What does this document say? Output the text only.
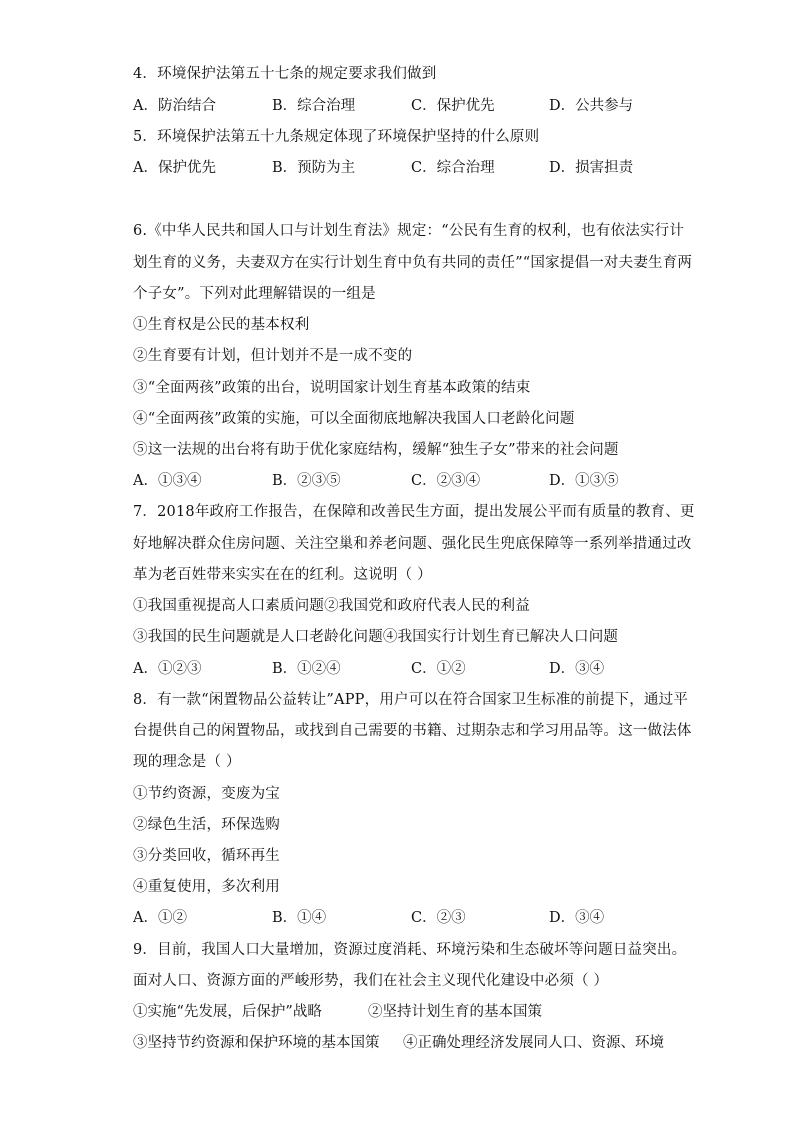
4．环境保护法第五十七条的规定要求我们做到
A．防治结合	B．综合治理	C．保护优先	D．公共参与
5．环境保护法第五十九条规定体现了环境保护坚持的什么原则
A．保护优先	B．预防为主	C．综合治理	D．损害担责
6.《中华人民共和国人口与计划生育法》规定：“公民有生育的权利，也有依法实行计
划生育的义务，夫妻双方在实行计划生育中负有共同的责任”“国家提倡一对夫妻生育两
个子女”。下列对此理解错误的一组是
①生育权是公民的基本权利
②生育要有计划，但计划并不是一成不变的
③“全面两孩”政策的出台，说明国家计划生育基本政策的结束
④“全面两孩”政策的实施，可以全面彻底地解决我国人口老龄化问题
⑤这一法规的出台将有助于优化家庭结构，缓解“独生子女”带来的社会问题
A．①③④	B．②③⑤	C．②③④	D．①③⑤
7．2018年政府工作报告，在保障和改善民生方面，提出发展公平而有质量的教育、更
好地解决群众住房问题、关注空巢和养老问题、强化民生兜底保障等一系列举措通过改
革为老百姓带来实实在在的红利。这说明（ ）
①我国重视提高人口素质问题②我国党和政府代表人民的利益
③我国的民生问题就是人口老龄化问题④我国实行计划生育已解决人口问题
A．①②③	B．①②④	C．①②	D．③④
8．有一款“闲置物品公益转让”APP，用户可以在符合国家卫生标准的前提下，通过平
台提供自己的闲置物品，或找到自己需要的书籍、过期杂志和学习用品等。这一做法体
现的理念是（ ）
①节约资源，变废为宝
②绿色生活，环保选购
③分类回收，循环再生
④重复使用，多次利用
A．①②	B．①④	C．②③	D．③④
9．目前，我国人口大量增加，资源过度消耗、环境污染和生态破坏等问题日益突出。
面对人口、资源方面的严峻形势，我们在社会主义现代化建设中必须（ ）
①实施“先发展，后保护”战略	②坚持计划生育的基本国策
③坚持节约资源和保护环境的基本国策 ④正确处理经济发展同人口、资源、环境
